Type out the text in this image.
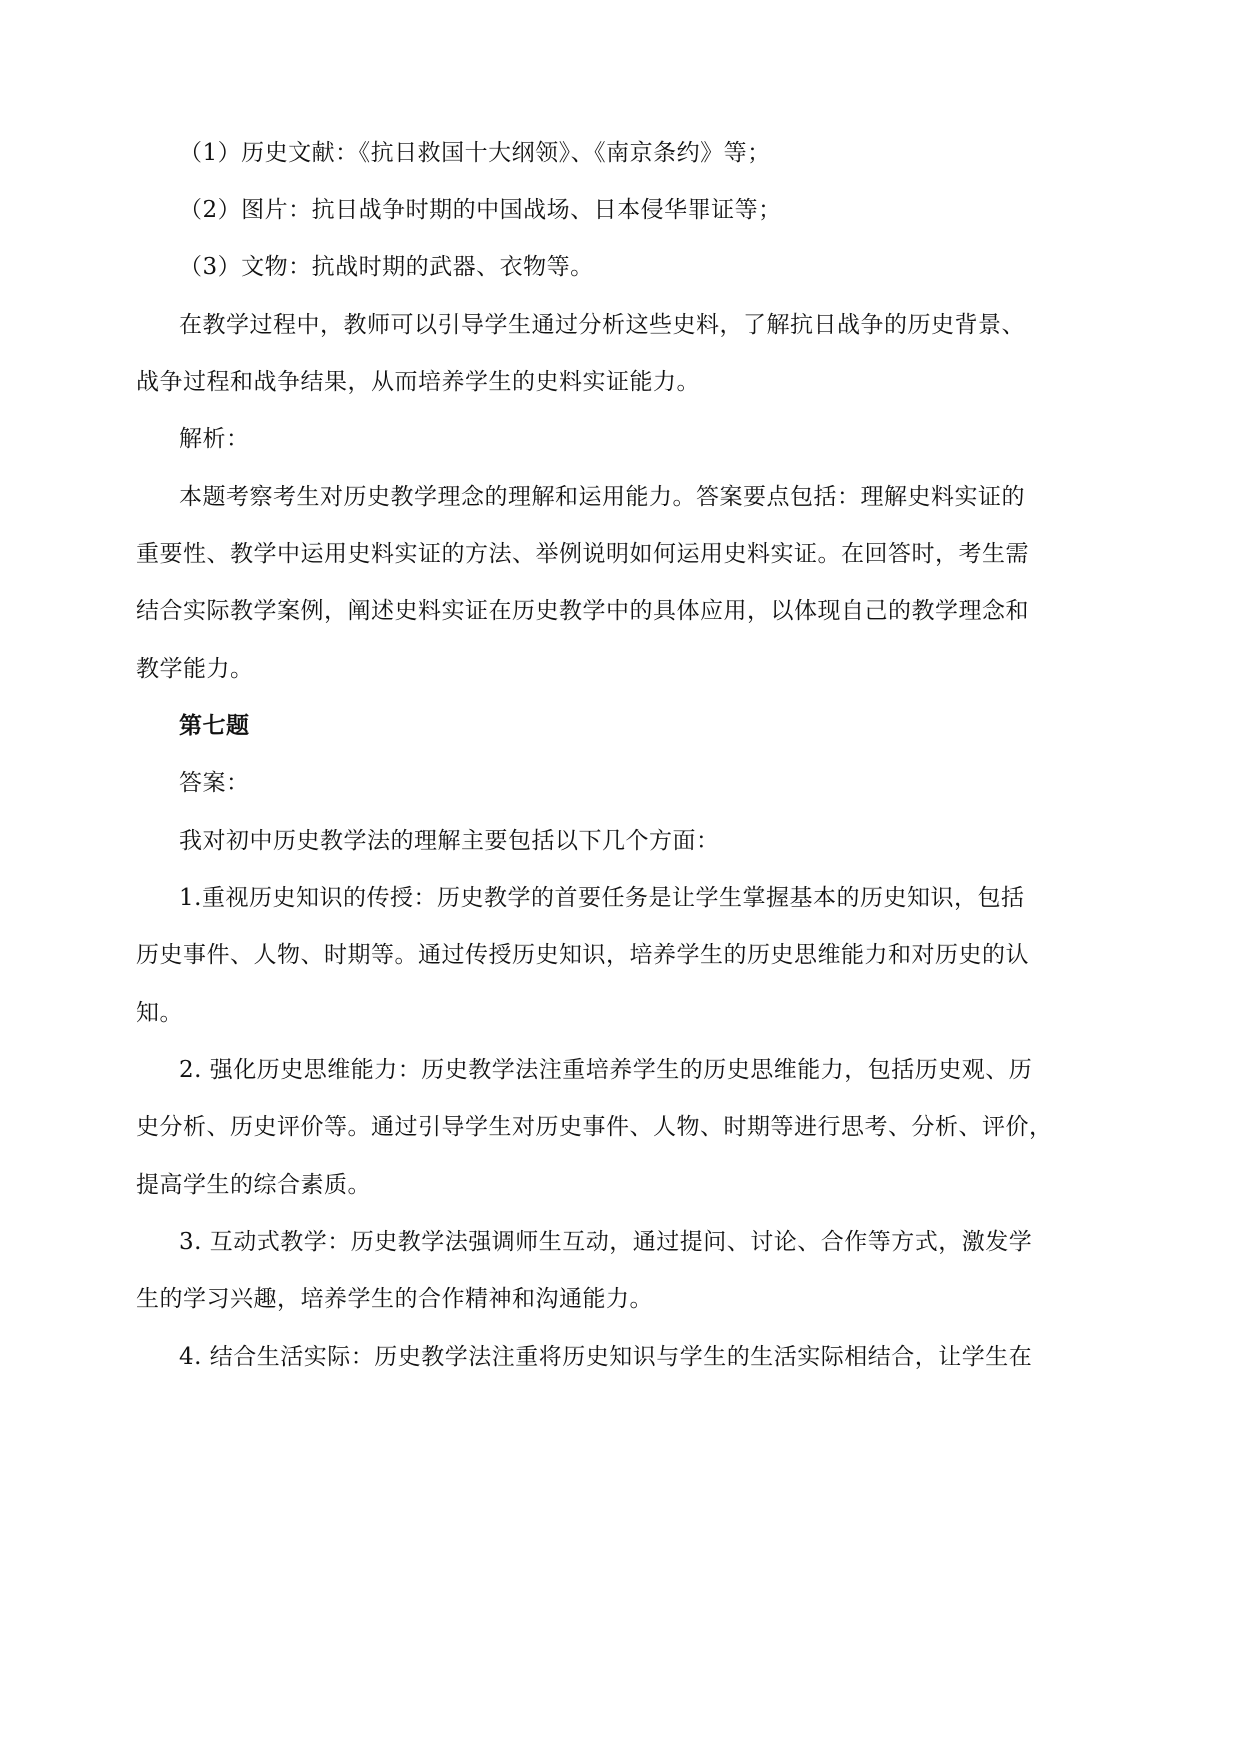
（1）历史文献：《抗日救国十大纲领》、《南京条约》等；
（2）图片：抗日战争时期的中国战场、日本侵华罪证等；
（3）文物：抗战时期的武器、衣物等。
在教学过程中，教师可以引导学生通过分析这些史料，了解抗日战争的历史背景、
战争过程和战争结果，从而培养学生的史料实证能力。
解析：
本题考察考生对历史教学理念的理解和运用能力。答案要点包括：理解史料实证的
重要性、教学中运用史料实证的方法、举例说明如何运用史料实证。在回答时，考生需
结合实际教学案例，阐述史料实证在历史教学中的具体应用，以体现自己的教学理念和
教学能力。
第七题
答案：
我对初中历史教学法的理解主要包括以下几个方面：
1.重视历史知识的传授：历史教学的首要任务是让学生掌握基本的历史知识，包括
历史事件、人物、时期等。通过传授历史知识，培养学生的历史思维能力和对历史的认
知。
2. 强化历史思维能力：历史教学法注重培养学生的历史思维能力，包括历史观、历
史分析、历史评价等。通过引导学生对历史事件、人物、时期等进行思考、分析、评价，
提高学生的综合素质。
3. 互动式教学：历史教学法强调师生互动，通过提问、讨论、合作等方式，激发学
生的学习兴趣，培养学生的合作精神和沟通能力。
4. 结合生活实际：历史教学法注重将历史知识与学生的生活实际相结合，让学生在
